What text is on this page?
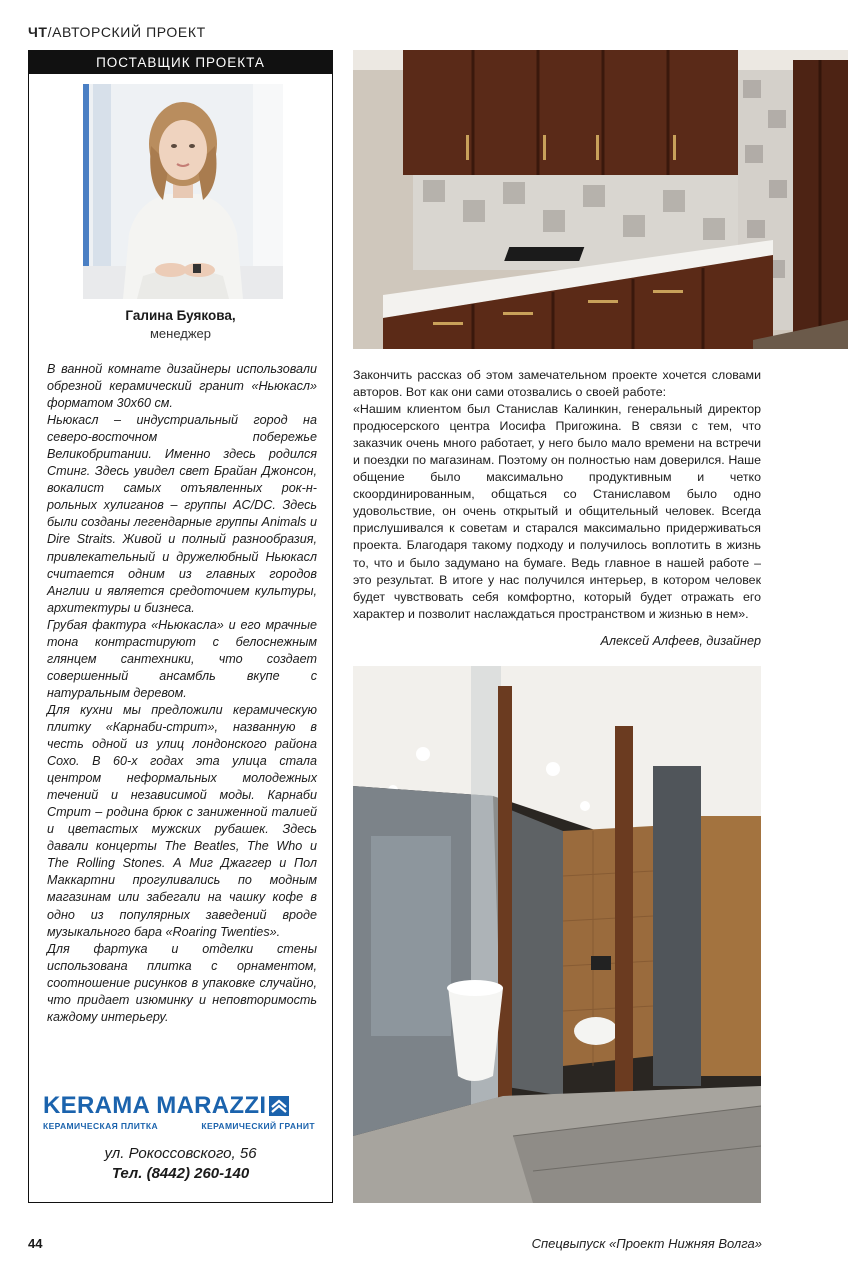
ЧТ/АВТОРСКИЙ ПРОЕКТ
ПОСТАВЩИК ПРОЕКТА
Галина Буякова,
менеджер

В ванной комнате дизайнеры использовали обрезной керамический гранит «Ньюкасл» форматом 30х60 см.

Ньюкасл – индустриальный город на северо-восточном побережье Великобритании. Именно здесь родился Стинг. Здесь увидел свет Брайан Джонсон, вокалист самых отъявленных рок-н-рольных хулиганов – группы AC/DC. Здесь были созданы легендарные группы Animals и Dire Straits. Живой и полный разнообразия, привлекательный и дружелюбный Ньюкасл считается одним из главных городов Англии и является средоточием культуры, архитектуры и бизнеса.

Грубая фактура «Ньюкасла» и его мрачные тона контрастируют с белоснежным глянцем сантехники, что создает совершенный ансамбль вкупе с натуральным деревом.

Для кухни мы предложили керамическую плитку «Карнаби-стрит», названную в честь одной из улиц лондонского района Сохо. В 60-х годах эта улица стала центром неформальных молодежных течений и независимой моды. Карнаби Стрит – родина брюк с заниженной талией и цветастых мужских рубашек. Здесь давали концерты The Beatles, The Who и The Rolling Stones. А Миг Джаггер и Пол Маккартни прогуливались по модным магазинам или забегали на чашку кофе в одно из популярных заведений вроде музыкального бара «Roaring Twenties».

Для фартука и отделки стены использована плитка с орнаментом, соотношение рисунков в упаковке случайно, что придает изюминку и неповторимость каждому интерьеру.

KERAMA MARAZZI
КЕРАМИЧЕСКАЯ ПЛИТКА	КЕРАМИЧЕСКИЙ ГРАНИТ
ул. Рокоссовского, 56
Тел. (8442) 260-140

Закончить рассказ об этом замечательном проекте хочется словами авторов. Вот как они сами отозвались о своей работе:

«Нашим клиентом был Станислав Калинкин, генеральный директор продюсерского центра Иосифа Пригожина. В связи с тем, что заказчик очень много работает, у него было мало времени на встречи и поездки по магазинам. Поэтому он полностью нам доверился. Наше общение было максимально продуктивным и четко скоординированным, общаться со Станиславом было одно удовольствие, он очень открытый и общительный человек. Всегда прислушивался к советам и старался максимально придерживаться проекта. Благодаря такому подходу и получилось воплотить в жизнь то, что и было задумано на бумаге. Ведь главное в нашей работе – это результат. В итоге у нас получился интерьер, в котором человек будет чувствовать себя комфортно, который будет отражать его характер и позволит наслаждаться пространством и жизнью в нем».

Алексей Алфеев, дизайнер
44	Спецвыпуск «Проект Нижняя Волга»
